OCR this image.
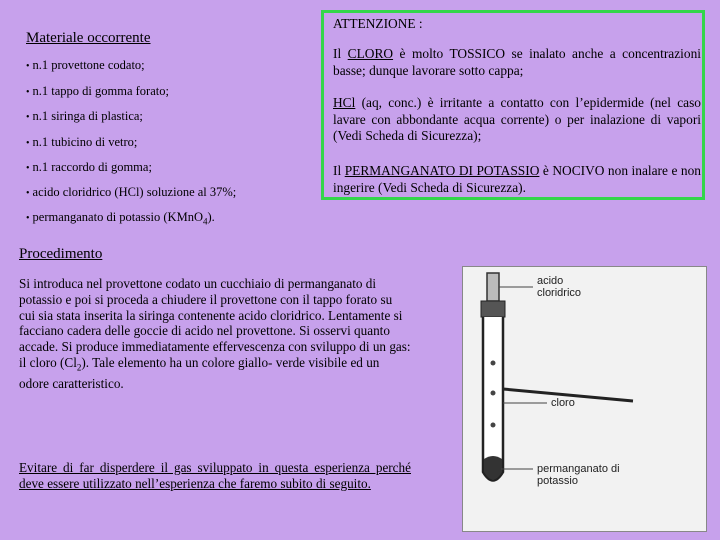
Materiale occorrente
• n.1 provettone codato;
• n.1 tappo di gomma forato;
• n.1 siringa di plastica;
• n.1 tubicino di vetro;
• n.1 raccordo di gomma;
• acido cloridrico (HCl) soluzione al 37%;
• permanganato di potassio (KMnO$_4$).
ATTENZIONE :
Il CLORO è molto TOSSICO se inalato anche a concentrazioni basse; dunque lavorare sotto cappa;
HCl (aq, conc.) è irritante a contatto con l’epidermide (nel caso lavare con abbondante acqua corrente) o per inalazione di vapori (Vedi Scheda di Sicurezza);
Il PERMANGANATO DI POTASSIO è NOCIVO non inalare e non ingerire (Vedi Scheda di Sicurezza).
Procedimento
Si introduca nel provettone codato un cucchiaio di permanganato di potassio e poi si proceda a chiudere il provettone con il tappo forato su cui sia stata inserita la siringa contenente acido cloridrico. Lentamente si facciano cadera delle goccie di acido nel provettone. Si osservi quanto accade. Si produce immediatamente effervescenza con sviluppo di un gas: il cloro $(Cl_2)$. Tale elemento ha un colore giallo- verde visibile ed un odore caratteristico.
Evitare di far disperdere il gas sviluppato in questa esperienza perché deve essere utilizzato nell’esperienza che faremo subito di seguito.
acido cloridrico
cloro
permanganato di potassio
